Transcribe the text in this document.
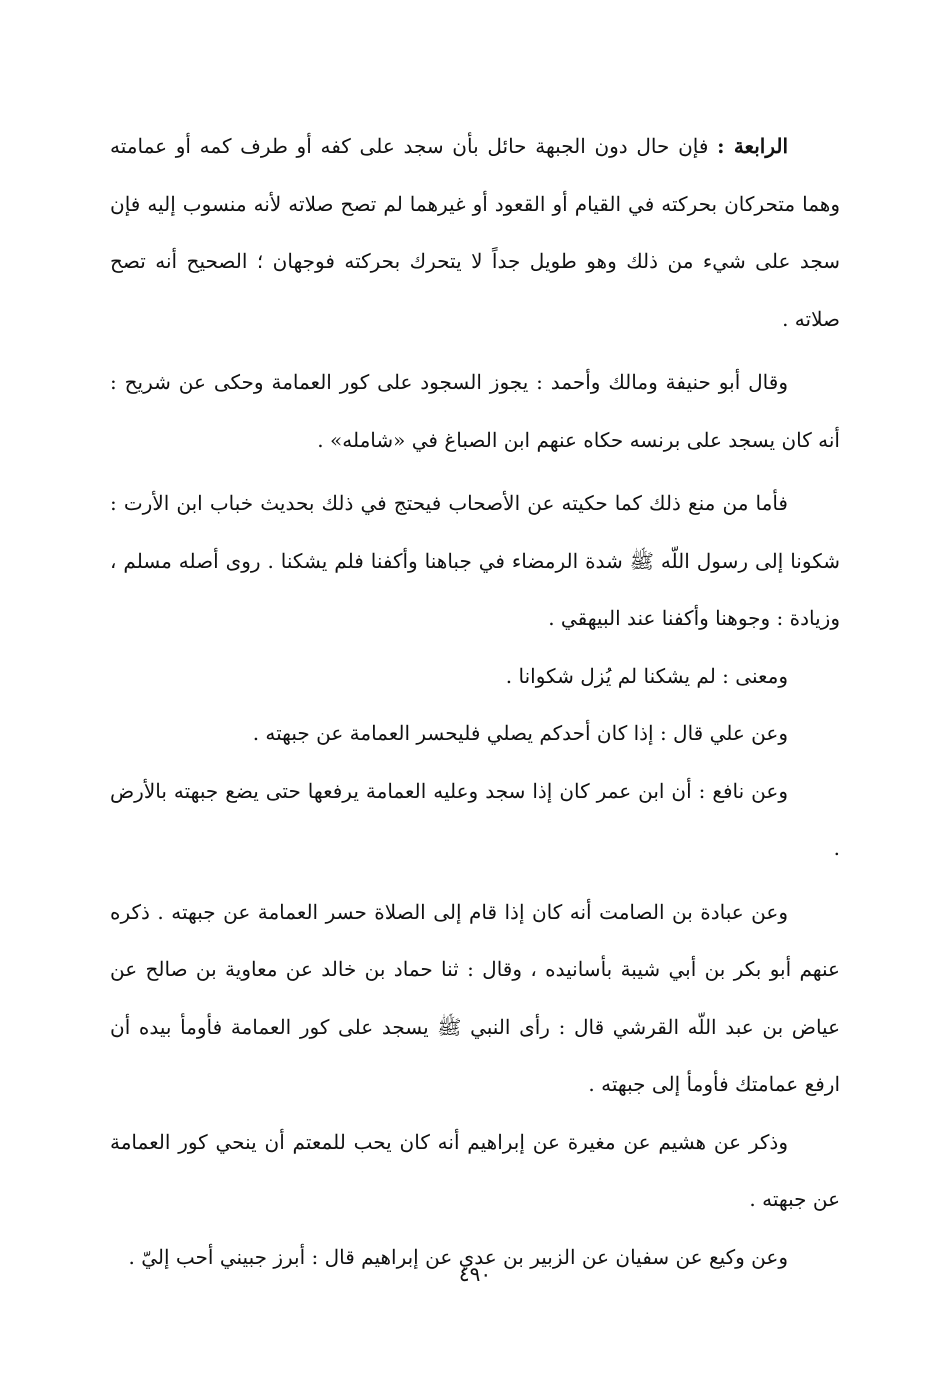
الرابعة : فإن حال دون الجبهة حائل بأن سجد على كفه أو طرف كمه أو عمامته وهما متحركان بحركته في القيام أو القعود أو غيرهما لم تصح صلاته لأنه منسوب إليه فإن سجد على شيء من ذلك وهو طويل جداً لا يتحرك بحركته فوجهان ؛ الصحيح أنه تصح صلاته .

وقال أبو حنيفة ومالك وأحمد : يجوز السجود على كور العمامة وحكى عن شريح : أنه كان يسجد على برنسه حكاه عنهم ابن الصباغ في «شامله» .

فأما من منع ذلك كما حكيته عن الأصحاب فيحتج في ذلك بحديث خباب ابن الأرت : شكونا إلى رسول اللّه ﷺ شدة الرمضاء في جباهنا وأكفنا فلم يشكنا . روى أصله مسلم ، وزيادة : وجوهنا وأكفنا عند البيهقي .

ومعنى : لم يشكنا لم يُزل شكوانا .

وعن علي قال : إذا كان أحدكم يصلي فليحسر العمامة عن جبهته .

وعن نافع : أن ابن عمر كان إذا سجد وعليه العمامة يرفعها حتى يضع جبهته بالأرض .

وعن عبادة بن الصامت أنه كان إذا قام إلى الصلاة حسر العمامة عن جبهته . ذكره عنهم أبو بكر بن أبي شيبة بأسانيده ، وقال : ثنا حماد بن خالد عن معاوية بن صالح عن عياض بن عبد اللّه القرشي قال : رأى النبي ﷺ يسجد على كور العمامة فأومأ بيده أن ارفع عمامتك فأومأ إلى جبهته .

وذكر عن هشيم عن مغيرة عن إبراهيم أنه كان يحب للمعتم أن ينحي كور العمامة عن جبهته .

وعن وكيع عن سفيان عن الزبير بن عدي عن إبراهيم قال : أبرز جبيني أحب إليّ .

٤٩٠
